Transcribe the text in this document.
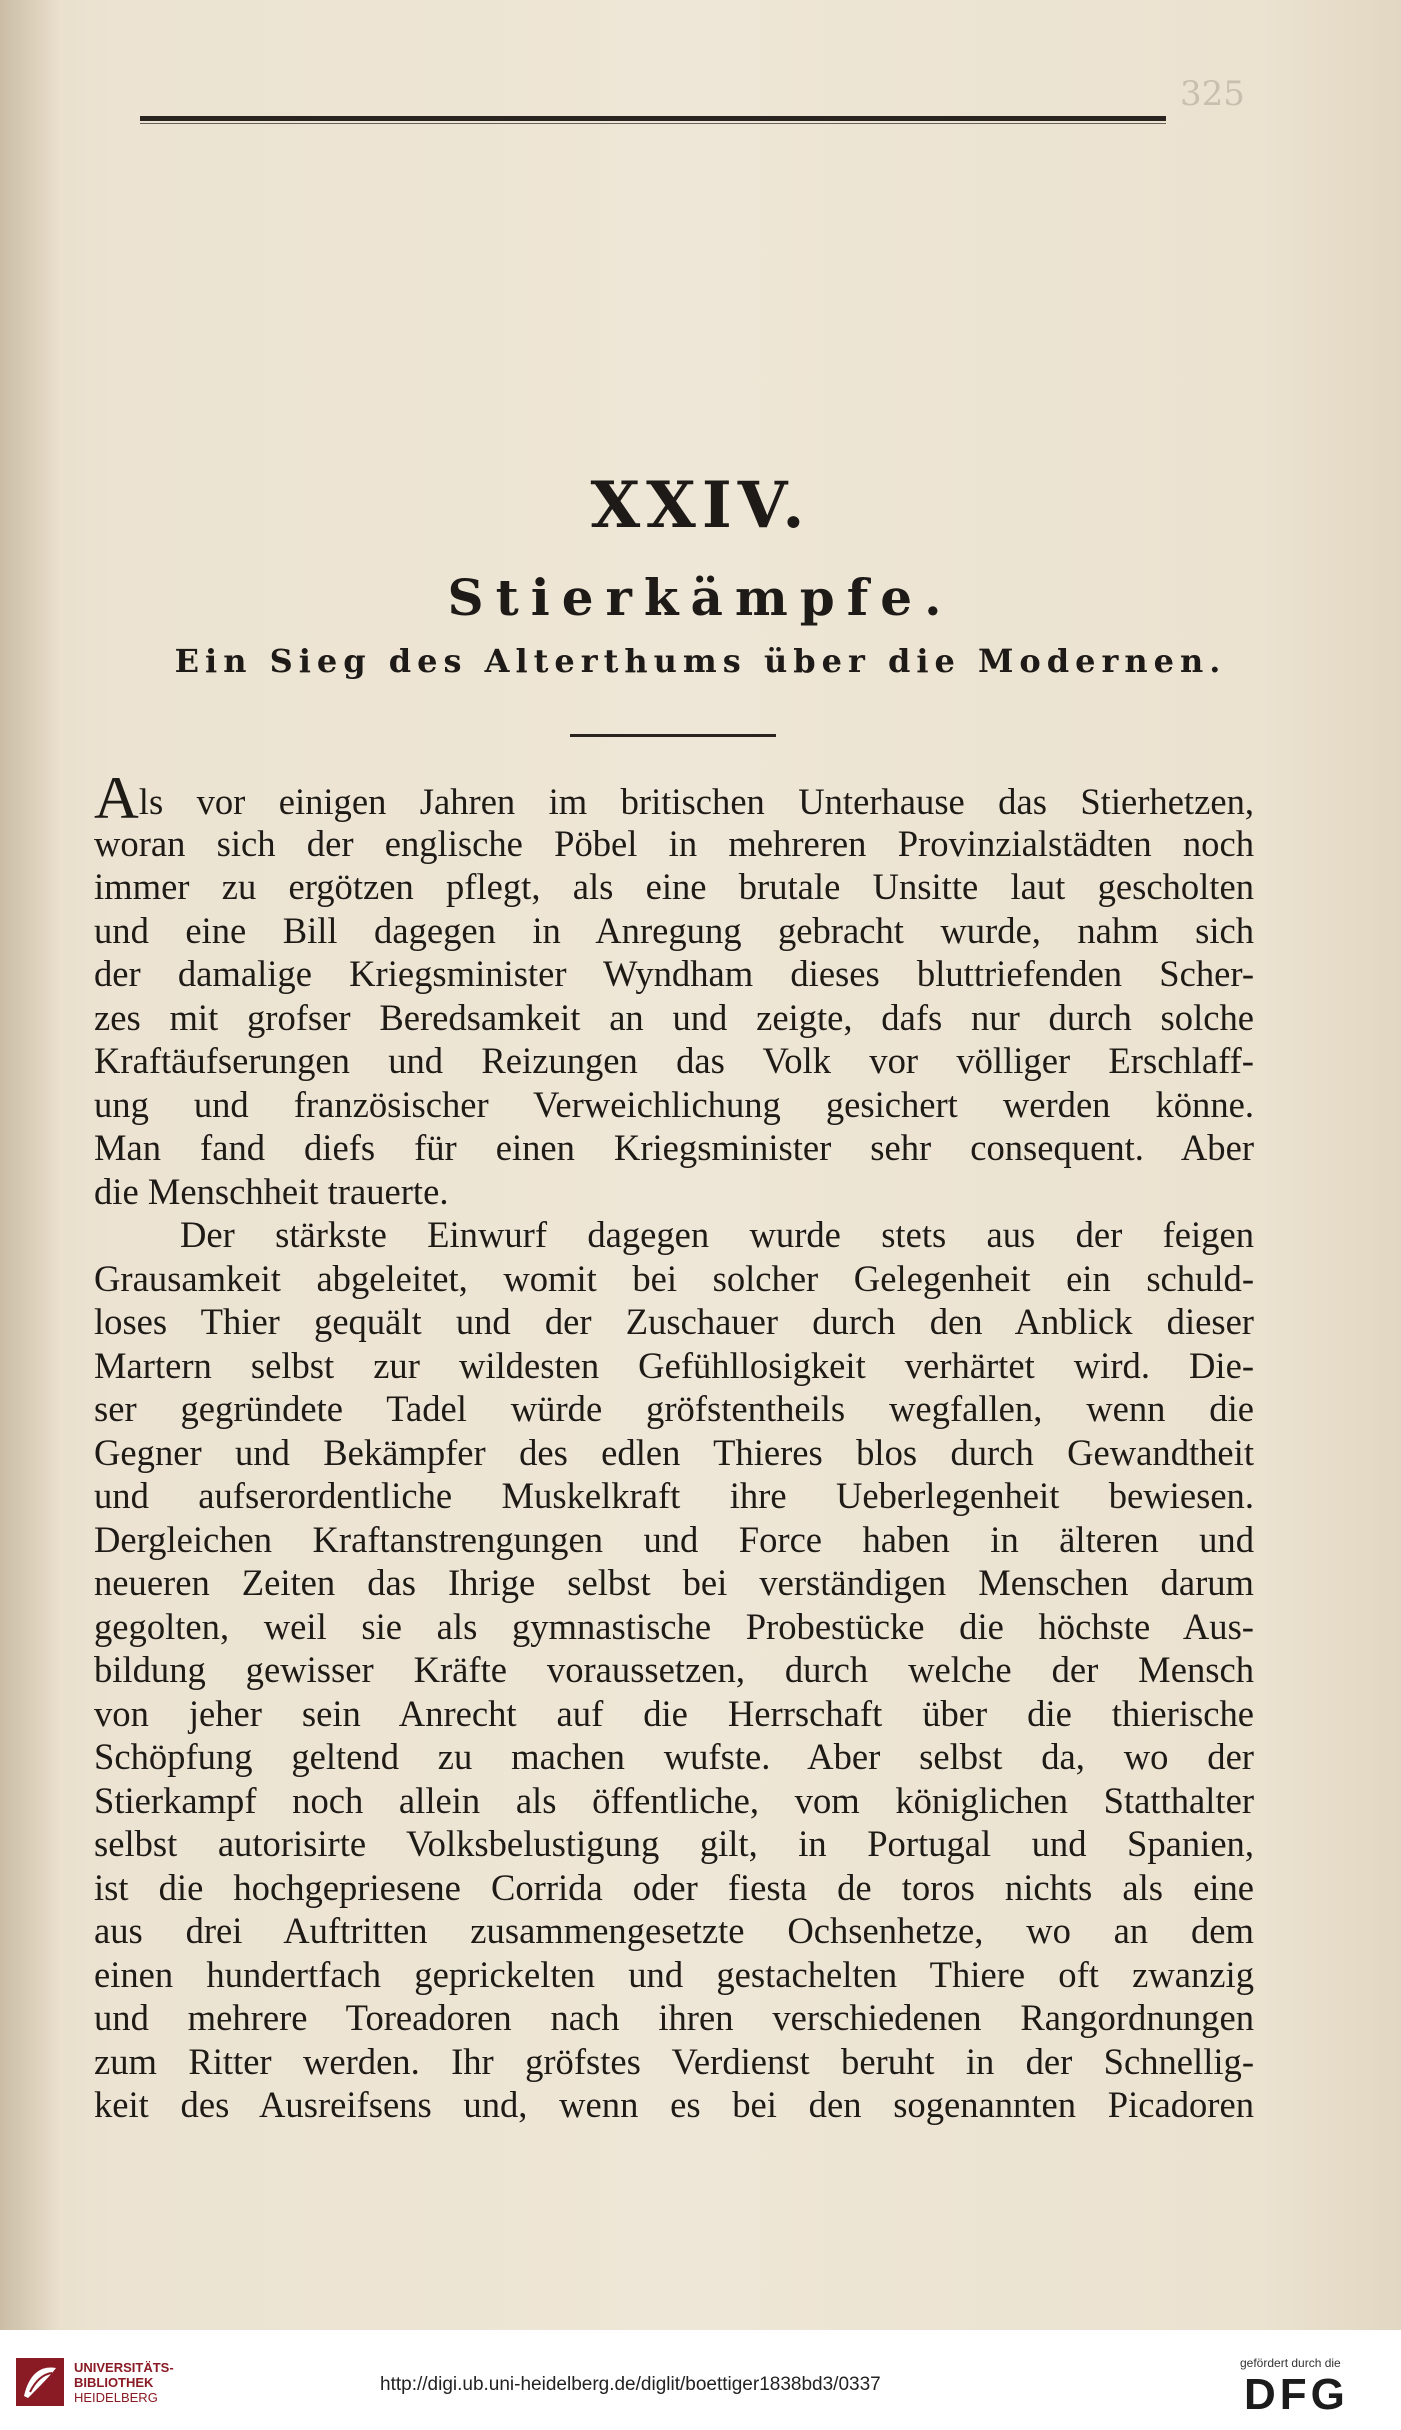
325
XXIV.
Stierkämpfe.
Ein Sieg des Alterthums über die Modernen.
Als vor einigen Jahren im britischen Unterhause das Stierhetzen,
woran sich der englische Pöbel in mehreren Provinzialstädten noch
immer zu ergötzen pflegt, als eine brutale Unsitte laut gescholten
und eine Bill dagegen in Anregung gebracht wurde, nahm sich
der damalige Kriegsminister Wyndham dieses bluttriefenden Scher-
zes mit grofser Beredsamkeit an und zeigte, dafs nur durch solche
Kraftäufserungen und Reizungen das Volk vor völliger Erschlaff-
ung und französischer Verweichlichung gesichert werden könne.
Man fand diefs für einen Kriegsminister sehr consequent. Aber
die Menschheit trauerte.
Der stärkste Einwurf dagegen wurde stets aus der feigen
Grausamkeit abgeleitet, womit bei solcher Gelegenheit ein schuld-
loses Thier gequält und der Zuschauer durch den Anblick dieser
Martern selbst zur wildesten Gefühllosigkeit verhärtet wird. Die-
ser gegründete Tadel würde gröfstentheils wegfallen, wenn die
Gegner und Bekämpfer des edlen Thieres blos durch Gewandtheit
und aufserordentliche Muskelkraft ihre Ueberlegenheit bewiesen.
Dergleichen Kraftanstrengungen und Force haben in älteren und
neueren Zeiten das Ihrige selbst bei verständigen Menschen darum
gegolten, weil sie als gymnastische Probestücke die höchste Aus-
bildung gewisser Kräfte voraussetzen, durch welche der Mensch
von jeher sein Anrecht auf die Herrschaft über die thierische
Schöpfung geltend zu machen wufste. Aber selbst da, wo der
Stierkampf noch allein als öffentliche, vom königlichen Statthalter
selbst autorisirte Volksbelustigung gilt, in Portugal und Spanien,
ist die hochgepriesene Corrida oder fiesta de toros nichts als eine
aus drei Auftritten zusammengesetzte Ochsenhetze, wo an dem
einen hundertfach geprickelten und gestachelten Thiere oft zwanzig
und mehrere Toreadoren nach ihren verschiedenen Rangordnungen
zum Ritter werden. Ihr gröfstes Verdienst beruht in der Schnellig-
keit des Ausreifsens und, wenn es bei den sogenannten Picadoren
UNIVERSITÄTS-
BIBLIOTHEK
HEIDELBERG
http://digi.ub.uni-heidelberg.de/diglit/boettiger1838bd3/0337
gefördert durch die
DFG
